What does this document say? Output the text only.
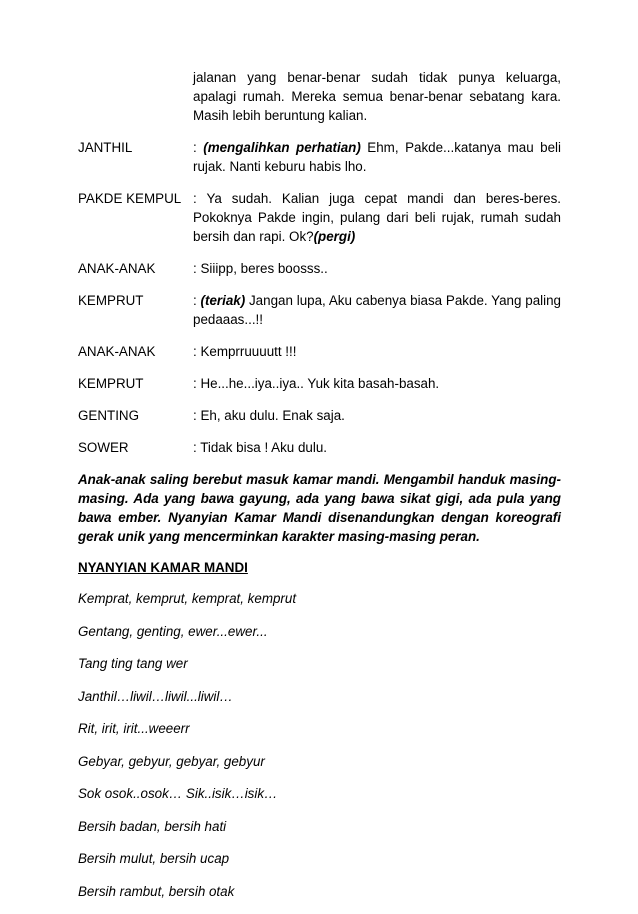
jalanan yang benar-benar sudah tidak punya keluarga, apalagi rumah. Mereka semua benar-benar sebatang kara. Masih lebih beruntung kalian.
JANTHIL	: (mengalihkan perhatian) Ehm, Pakde...katanya mau beli rujak. Nanti keburu habis lho.
PAKDE KEMPUL : Ya sudah. Kalian juga cepat mandi dan beres-beres. Pokoknya Pakde ingin, pulang dari beli rujak, rumah sudah bersih dan rapi. Ok?(pergi)
ANAK-ANAK	: Siiipp, beres boosss..
KEMPRUT	: (teriak) Jangan lupa, Aku cabenya biasa Pakde. Yang paling pedaaas...!!
ANAK-ANAK	: Kemprruuuutt !!!
KEMPRUT	: He...he...iya..iya.. Yuk kita basah-basah.
GENTING	: Eh, aku dulu. Enak saja.
SOWER	: Tidak bisa ! Aku dulu.
Anak-anak saling berebut masuk kamar mandi. Mengambil handuk masing-masing. Ada yang bawa gayung, ada yang bawa sikat gigi, ada pula yang bawa ember. Nyanyian Kamar Mandi disenandungkan dengan koreografi gerak unik yang mencerminkan karakter masing-masing peran.
NYANYIAN KAMAR MANDI
Kemprat, kemprut, kemprat, kemprut
Gentang, genting, ewer...ewer...
Tang ting tang wer
Janthil…liwil…liwil...liwil…
Rit, irit, irit...weeerr
Gebyar, gebyur, gebyar, gebyur
Sok osok..osok… Sik..isik…isik…
Bersih badan, bersih hati
Bersih mulut, bersih ucap
Bersih rambut, bersih otak
